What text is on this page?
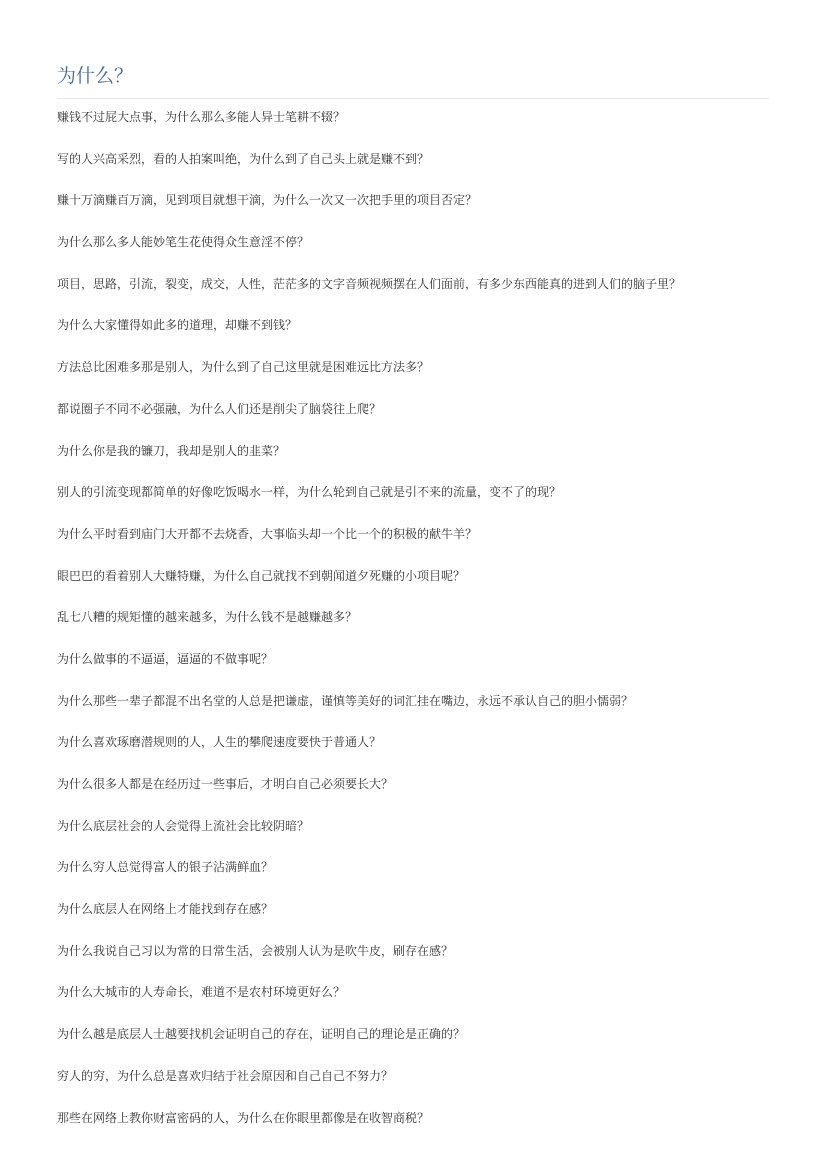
为什么？
赚钱不过屁大点事，为什么那么多能人异士笔耕不辍？
写的人兴高采烈，看的人拍案叫绝，为什么到了自己头上就是赚不到？
赚十万滴赚百万滴，见到项目就想干滴，为什么一次又一次把手里的项目否定？
为什么那么多人能妙笔生花使得众生意淫不停？
项目，思路，引流，裂变，成交，人性，茫茫多的文字音频视频摆在人们面前，有多少东西能真的进到人们的脑子里？
为什么大家懂得如此多的道理，却赚不到钱？
方法总比困难多那是别人，为什么到了自己这里就是困难远比方法多？
都说圈子不同不必强融，为什么人们还是削尖了脑袋往上爬？
为什么你是我的镰刀，我却是别人的韭菜？
别人的引流变现都简单的好像吃饭喝水一样，为什么轮到自己就是引不来的流量，变不了的现？
为什么平时看到庙门大开都不去烧香，大事临头却一个比一个的积极的献牛羊？
眼巴巴的看着别人大赚特赚，为什么自己就找不到朝闻道夕死赚的小项目呢？
乱七八糟的规矩懂的越来越多，为什么钱不是越赚越多？
为什么做事的不逼逼，逼逼的不做事呢？
为什么那些一辈子都混不出名堂的人总是把谦虚，谨慎等美好的词汇挂在嘴边，永远不承认自己的胆小懦弱？
为什么喜欢琢磨潜规则的人，人生的攀爬速度要快于普通人？
为什么很多人都是在经历过一些事后，才明白自己必须要长大？
为什么底层社会的人会觉得上流社会比较阴暗？
为什么穷人总觉得富人的银子沾满鲜血？
为什么底层人在网络上才能找到存在感？
为什么我说自己习以为常的日常生活，会被别人认为是吹牛皮，刷存在感？
为什么大城市的人寿命长，难道不是农村环境更好么？
为什么越是底层人士越要找机会证明自己的存在，证明自己的理论是正确的？
穷人的穷，为什么总是喜欢归结于社会原因和自己自己不努力？
那些在网络上教你财富密码的人，为什么在你眼里都像是在收智商税？
